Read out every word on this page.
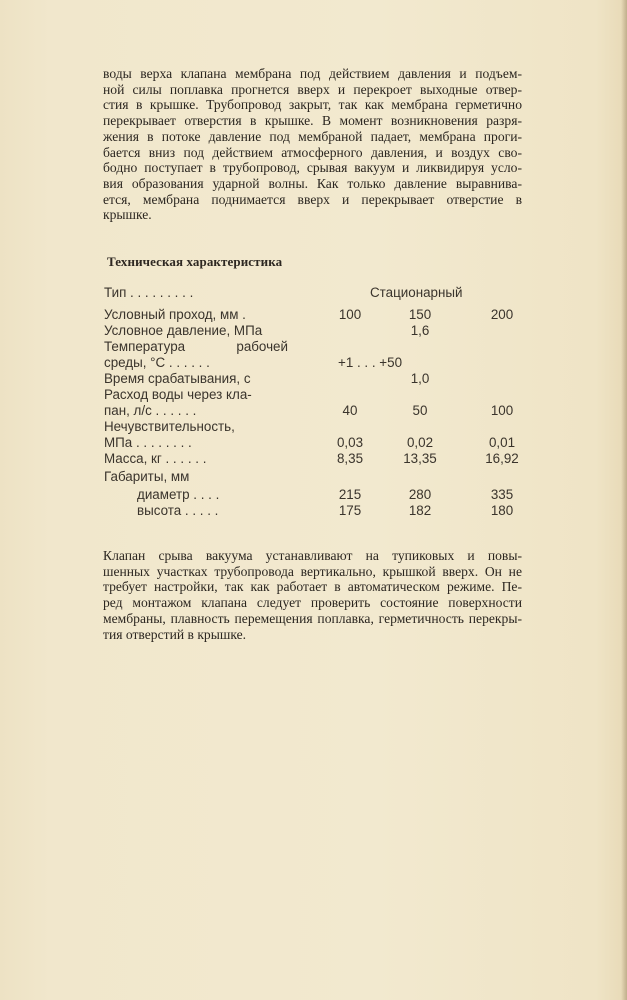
воды верха клапана мембрана под действием давления и подъем-
ной силы поплавка прогнется вверх и перекроет выходные отвер-
стия в крышке. Трубопровод закрыт, так как мембрана герметично
перекрывает отверстия в крышке. В момент возникновения разря-
жения в потоке давление под мембраной падает, мембрана проги-
бается вниз под действием атмосферного давления, и воздух сво-
бодно поступает в трубопровод, срывая вакуум и ликвидируя усло-
вия образования ударной волны. Как только давление выравнива-
ется, мембрана поднимается вверх и перекрывает отверстие в
крышке.
Техническая характеристика
Тип . . . . . . . . .	Стационарный
Условный проход, мм .	100	150	200
Условное давление, МПа	1,6
Температура рабочей
среды, °С . . . . . .	+1 . . . +50
Время срабатывания, с	1,0
Расход воды через кла-
пан, л/с . . . . . .	40	50	100
Нечувствительность,
МПа . . . . . . . .	0,03	0,02	0,01
Масса, кг . . . . . .	8,35	13,35	16,92
Габариты, мм
диаметр . . . .	215	280	335
высота . . . . .	175	182	180
Клапан срыва вакуума устанавливают на тупиковых и повы-
шенных участках трубопровода вертикально, крышкой вверх. Он не
требует настройки, так как работает в автоматическом режиме. Пе-
ред монтажом клапана следует проверить состояние поверхности
мембраны, плавность перемещения поплавка, герметичность перекры-
тия отверстий в крышке.
